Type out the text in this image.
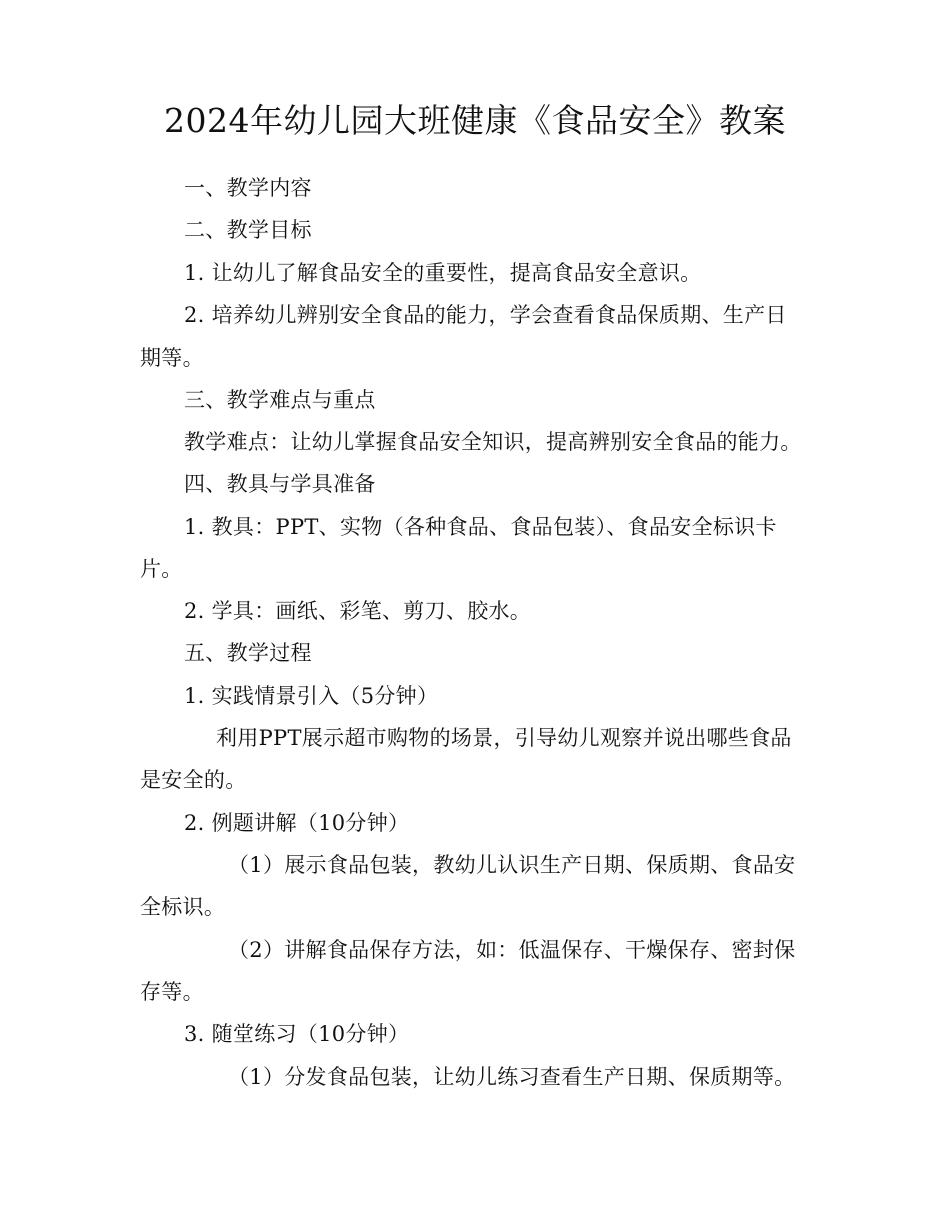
2024年幼儿园大班健康《食品安全》教案
一、教学内容
二、教学目标
1. 让幼儿了解食品安全的重要性，提高食品安全意识。
2. 培养幼儿辨别安全食品的能力，学会查看食品保质期、生产日
期等。
三、教学难点与重点
教学难点：让幼儿掌握食品安全知识，提高辨别安全食品的能力。
四、教具与学具准备
1. 教具：PPT、实物（各种食品、食品包装）、食品安全标识卡
片。
2. 学具：画纸、彩笔、剪刀、胶水。
五、教学过程
1. 实践情景引入（5分钟）
利用PPT展示超市购物的场景，引导幼儿观察并说出哪些食品
是安全的。
2. 例题讲解（10分钟）
（1）展示食品包装，教幼儿认识生产日期、保质期、食品安
全标识。
（2）讲解食品保存方法，如：低温保存、干燥保存、密封保
存等。
3. 随堂练习（10分钟）
（1）分发食品包装，让幼儿练习查看生产日期、保质期等。
